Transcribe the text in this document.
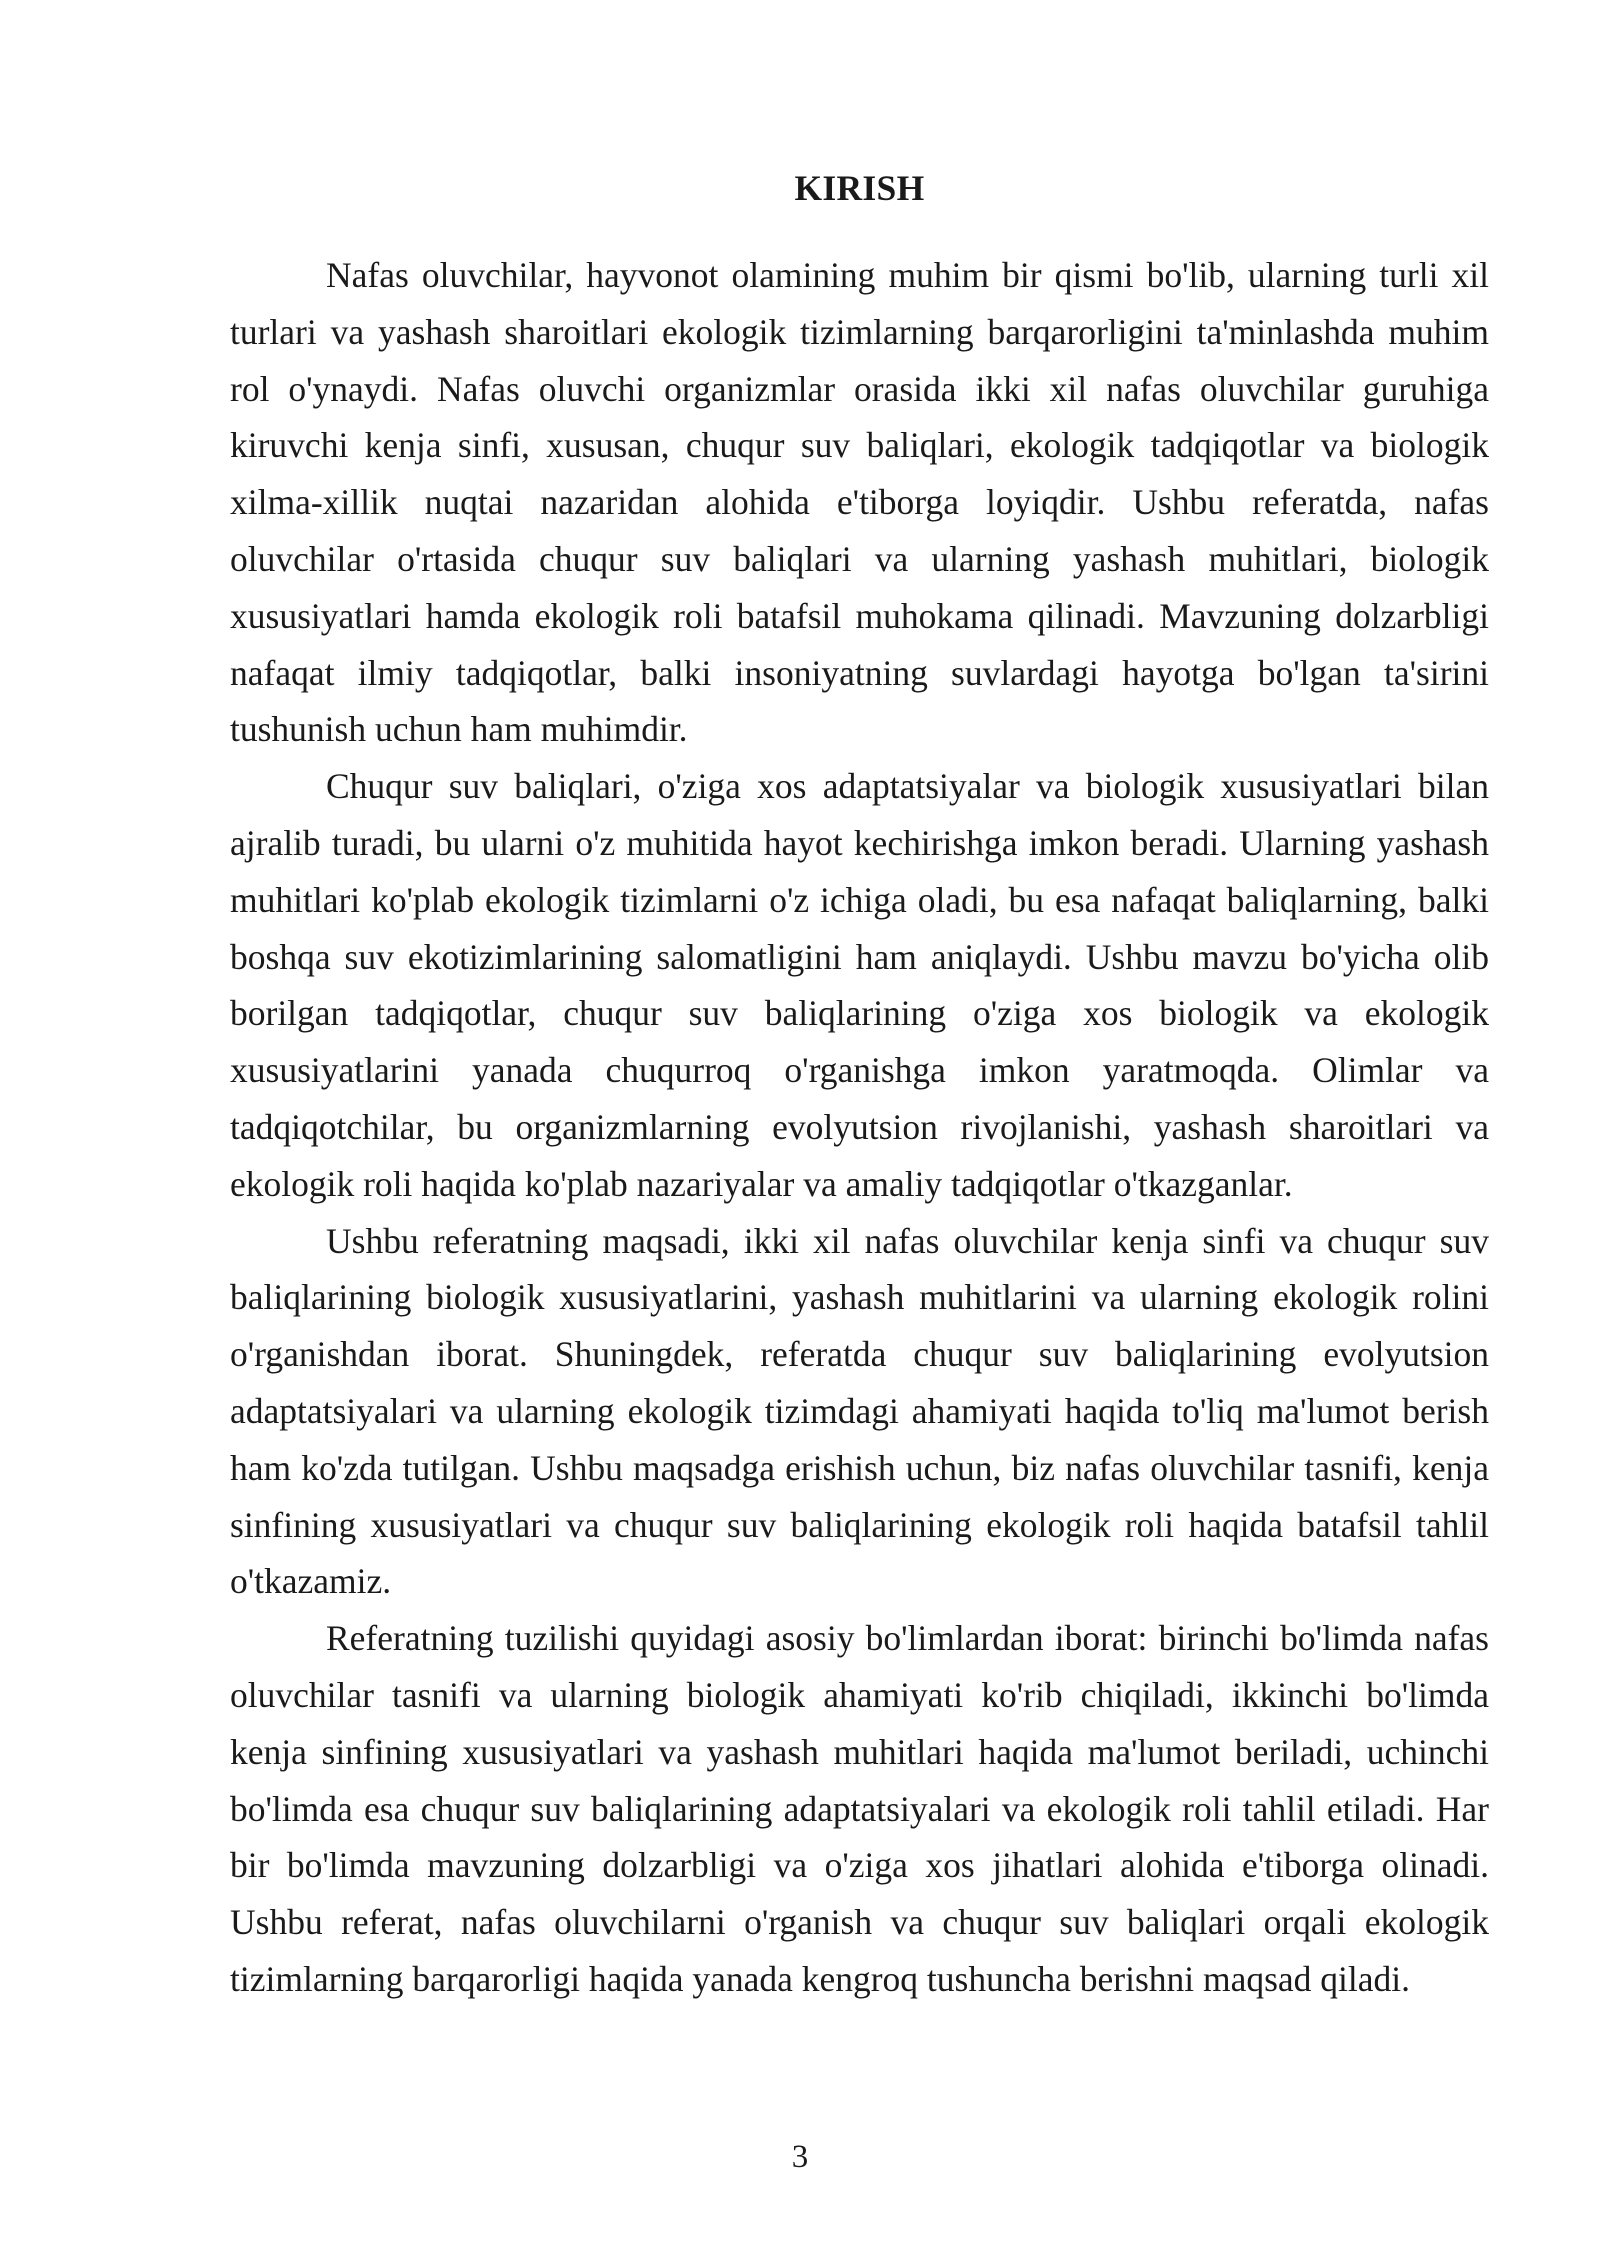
KIRISH

Nafas oluvchilar, hayvonot olamining muhim bir qismi bo'lib, ularning turli xil turlari va yashash sharoitlari ekologik tizimlarning barqarorligini ta'minlashda muhim rol o'ynaydi. Nafas oluvchi organizmlar orasida ikki xil nafas oluvchilar guruhiga kiruvchi kenja sinfi, xususan, chuqur suv baliqlari, ekologik tadqiqotlar va biologik xilma-xillik nuqtai nazaridan alohida e'tiborga loyiqdir. Ushbu referatda, nafas oluvchilar o'rtasida chuqur suv baliqlari va ularning yashash muhitlari, biologik xususiyatlari hamda ekologik roli batafsil muhokama qilinadi. Mavzuning dolzarbligi nafaqat ilmiy tadqiqotlar, balki insoniyatning suvlardagi hayotga bo'lgan ta'sirini tushunish uchun ham muhimdir.

Chuqur suv baliqlari, o'ziga xos adaptatsiyalar va biologik xususiyatlari bilan ajralib turadi, bu ularni o'z muhitida hayot kechirishga imkon beradi. Ularning yashash muhitlari ko'plab ekologik tizimlarni o'z ichiga oladi, bu esa nafaqat baliqlarning, balki boshqa suv ekotizimlarining salomatligini ham aniqlaydi. Ushbu mavzu bo'yicha olib borilgan tadqiqotlar, chuqur suv baliqlarining o'ziga xos biologik va ekologik xususiyatlarini yanada chuqurroq o'rganishga imkon yaratmoqda. Olimlar va tadqiqotchilar, bu organizmlarning evolyutsion rivojlanishi, yashash sharoitlari va ekologik roli haqida ko'plab nazariyalar va amaliy tadqiqotlar o'tkazganlar.

Ushbu referatning maqsadi, ikki xil nafas oluvchilar kenja sinfi va chuqur suv baliqlarining biologik xususiyatlarini, yashash muhitlarini va ularning ekologik rolini o'rganishdan iborat. Shuningdek, referatda chuqur suv baliqlarining evolyutsion adaptatsiyalari va ularning ekologik tizimdagi ahamiyati haqida to'liq ma'lumot berish ham ko'zda tutilgan. Ushbu maqsadga erishish uchun, biz nafas oluvchilar tasnifi, kenja sinfining xususiyatlari va chuqur suv baliqlarining ekologik roli haqida batafsil tahlil o'tkazamiz.

Referatning tuzilishi quyidagi asosiy bo'limlardan iborat: birinchi bo'limda nafas oluvchilar tasnifi va ularning biologik ahamiyati ko'rib chiqiladi, ikkinchi bo'limda kenja sinfining xususiyatlari va yashash muhitlari haqida ma'lumot beriladi, uchinchi bo'limda esa chuqur suv baliqlarining adaptatsiyalari va ekologik roli tahlil etiladi. Har bir bo'limda mavzuning dolzarbligi va o'ziga xos jihatlari alohida e'tiborga olinadi. Ushbu referat, nafas oluvchilarni o'rganish va chuqur suv baliqlari orqali ekologik tizimlarning barqarorligi haqida yanada kengroq tushuncha berishni maqsad qiladi.

3
